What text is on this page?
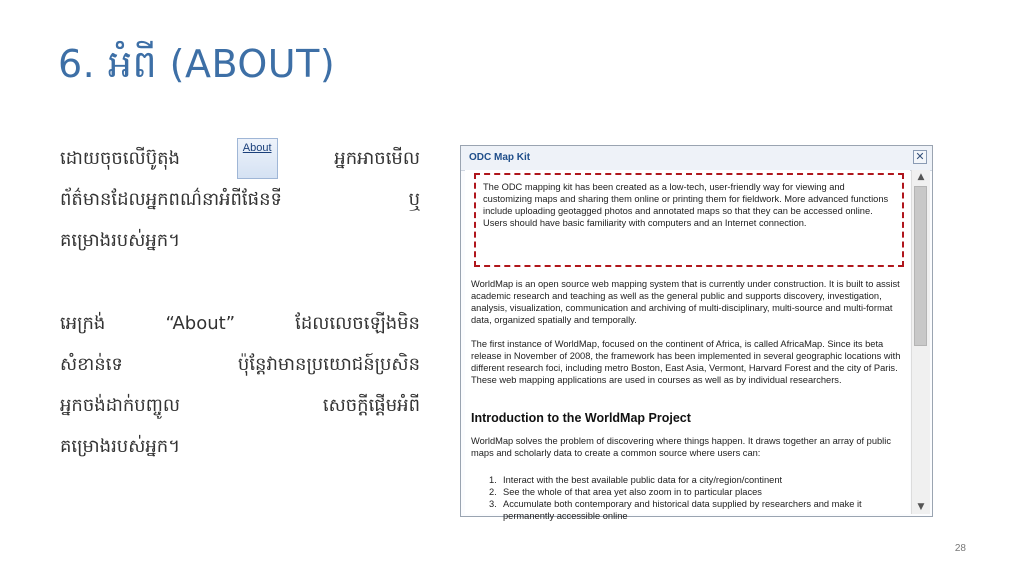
6. អំពី (ABOUT)
ដោយចុចលើប៊ូតុង	About	អ្នកអាចមើល
ព័ត៌មានដែលអ្នកពណ៌នាអំពីផែនទី	ឬ
គម្រោងរបស់អ្នក។
អេក្រង់	“About”	ដែលលេចឡើងមិន
សំខាន់ទេ	ប៉ុន្តែវាមានប្រយោជន៍ប្រសិន
អ្នកចង់ដាក់បញ្ចូល	សេចក្តីផ្តើមអំពី
គម្រោងរបស់អ្នក។
ODC Map Kit	✕
The ODC mapping kit has been created as a low-tech, user-friendly way for viewing and customizing maps and sharing them online or printing them for fieldwork. More advanced functions include uploading geotagged photos and annotated maps so that they can be accessed online. Users should have basic familiarity with computers and an Internet connection.
WorldMap is an open source web mapping system that is currently under construction. It is built to assist academic research and teaching as well as the general public and supports discovery, investigation, analysis, visualization, communication and archiving of multi-disciplinary, multi-source and multi-format data, organized spatially and temporally.
The first instance of WorldMap, focused on the continent of Africa, is called AfricaMap. Since its beta release in November of 2008, the framework has been implemented in several geographic locations with different research foci, including metro Boston, East Asia, Vermont, Harvard Forest and the city of Paris. These web mapping applications are used in courses as well as by individual researchers.
Introduction to the WorldMap Project
WorldMap solves the problem of discovering where things happen. It draws together an array of public maps and scholarly data to create a common source where users can:
1. Interact with the best available public data for a city/region/continent
2. See the whole of that area yet also zoom in to particular places
3. Accumulate both contemporary and historical data supplied by researchers and make it permanently accessible online
▲
▼
28
